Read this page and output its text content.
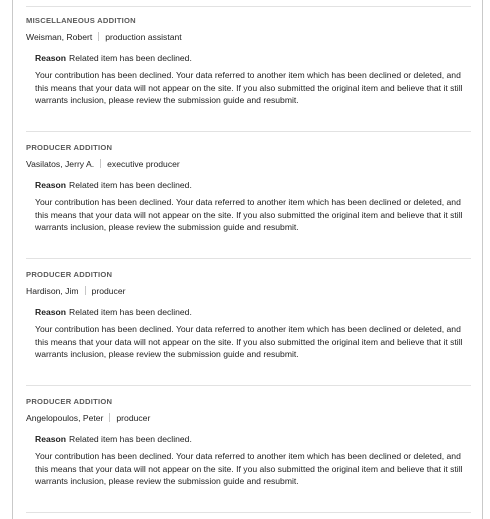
MISCELLANEOUS ADDITION
Weisman, Robert production assistant
Reason Related item has been declined.
Your contribution has been declined. Your data referred to another item which has been declined or deleted, and this means that your data will not appear on the site. If you also submitted the original item and believe that it still warrants inclusion, please review the submission guide and resubmit.
PRODUCER ADDITION
Vasilatos, Jerry A. executive producer
Reason Related item has been declined.
Your contribution has been declined. Your data referred to another item which has been declined or deleted, and this means that your data will not appear on the site. If you also submitted the original item and believe that it still warrants inclusion, please review the submission guide and resubmit.
PRODUCER ADDITION
Hardison, Jim producer
Reason Related item has been declined.
Your contribution has been declined. Your data referred to another item which has been declined or deleted, and this means that your data will not appear on the site. If you also submitted the original item and believe that it still warrants inclusion, please review the submission guide and resubmit.
PRODUCER ADDITION
Angelopoulos, Peter producer
Reason Related item has been declined.
Your contribution has been declined. Your data referred to another item which has been declined or deleted, and this means that your data will not appear on the site. If you also submitted the original item and believe that it still warrants inclusion, please review the submission guide and resubmit.
